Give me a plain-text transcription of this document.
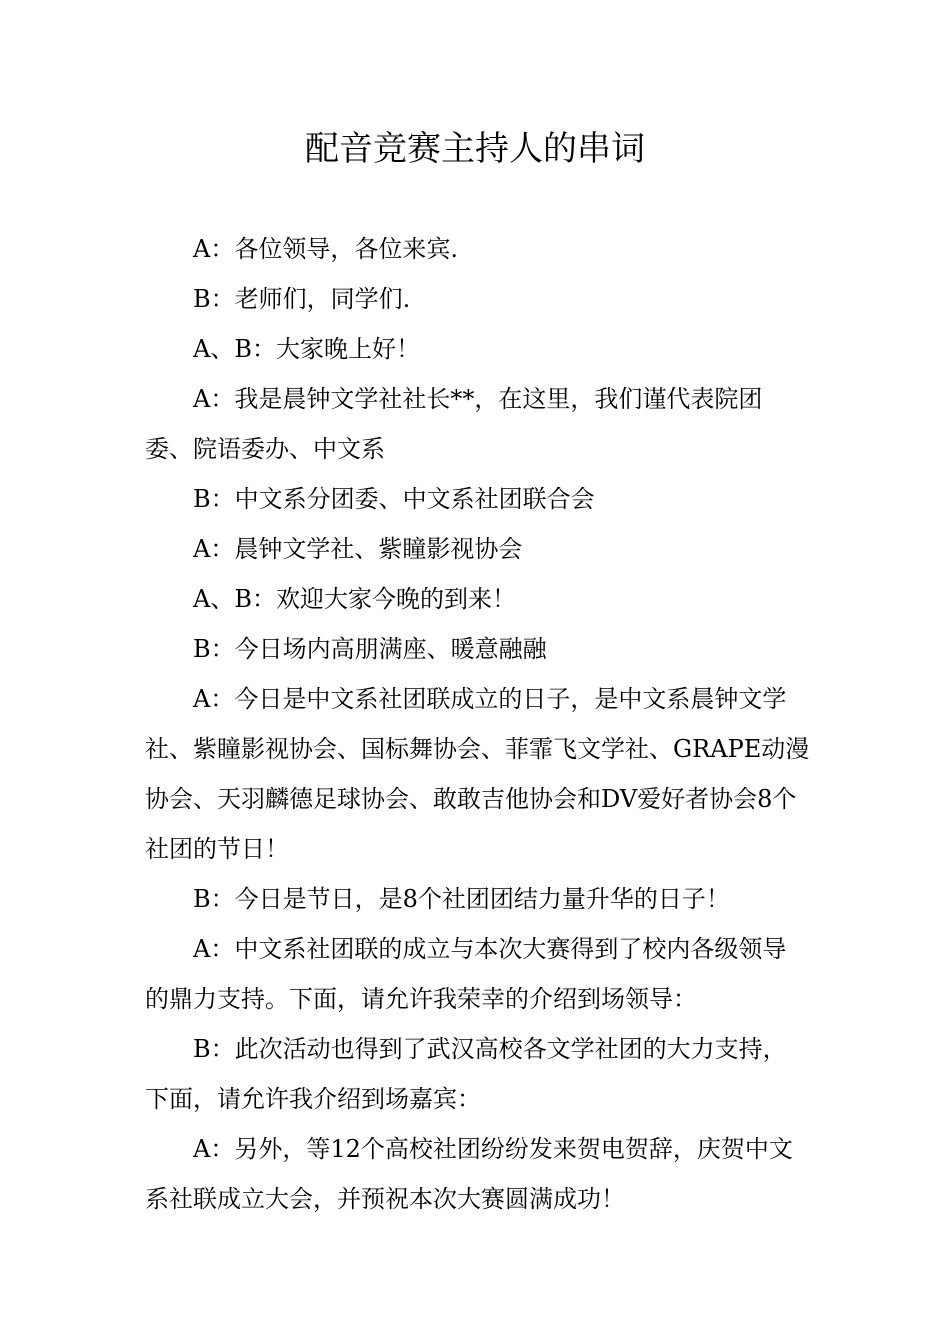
配音竞赛主持人的串词

A：各位领导，各位来宾.

B：老师们，同学们.

A、B：大家晚上好！

A：我是晨钟文学社社长**，在这里，我们谨代表院团委、院语委办、中文系

B：中文系分团委、中文系社团联合会

A：晨钟文学社、紫瞳影视协会

A、B：欢迎大家今晚的到来！

B：今日场内高朋满座、暖意融融

A：今日是中文系社团联成立的日子，是中文系晨钟文学社、紫瞳影视协会、国标舞协会、菲霏飞文学社、GRAPE动漫协会、天羽麟德足球协会、敢敢吉他协会和DV爱好者协会8个社团的节日！

B：今日是节日，是8个社团团结力量升华的日子！

A：中文系社团联的成立与本次大赛得到了校内各级领导的鼎力支持。下面，请允许我荣幸的介绍到场领导：

B：此次活动也得到了武汉高校各文学社团的大力支持，下面，请允许我介绍到场嘉宾：

A：另外，等12个高校社团纷纷发来贺电贺辞，庆贺中文系社联成立大会，并预祝本次大赛圆满成功！
